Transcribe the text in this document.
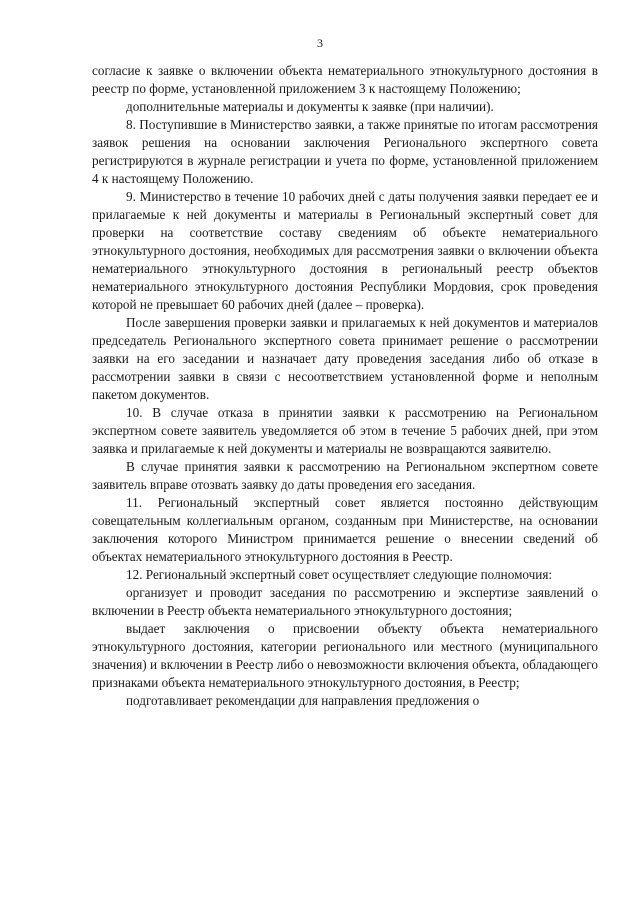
3

согласие к заявке о включении объекта нематериального этнокультурного достояния в реестр по форме, установленной приложением 3 к настоящему Положению;

дополнительные материалы и документы к заявке (при наличии).

8. Поступившие в Министерство заявки, а также принятые по итогам рассмотрения заявок решения на основании заключения Регионального экспертного совета регистрируются в журнале регистрации и учета по форме, установленной приложением 4 к настоящему Положению.

9. Министерство в течение 10 рабочих дней с даты получения заявки передает ее и прилагаемые к ней документы и материалы в Региональный экспертный совет для проверки на соответствие составу сведениям об объекте нематериального этнокультурного достояния, необходимых для рассмотрения заявки о включении объекта нематериального этнокультурного достояния в региональный реестр объектов нематериального этнокультурного достояния Республики Мордовия, срок проведения которой не превышает 60 рабочих дней (далее – проверка).

После завершения проверки заявки и прилагаемых к ней документов и материалов председатель Регионального экспертного совета принимает решение о рассмотрении заявки на его заседании и назначает дату проведения заседания либо об отказе в рассмотрении заявки в связи с несоответствием установленной форме и неполным пакетом документов.

10. В случае отказа в принятии заявки к рассмотрению на Региональном экспертном совете заявитель уведомляется об этом в течение 5 рабочих дней, при этом заявка и прилагаемые к ней документы и материалы не возвращаются заявителю.

В случае принятия заявки к рассмотрению на Региональном экспертном совете заявитель вправе отозвать заявку до даты проведения его заседания.

11. Региональный экспертный совет является постоянно действующим совещательным коллегиальным органом, созданным при Министерстве, на основании заключения которого Министром принимается решение о внесении сведений об объектах нематериального этнокультурного достояния в Реестр.

12. Региональный экспертный совет осуществляет следующие полномочия:

организует и проводит заседания по рассмотрению и экспертизе заявлений о включении в Реестр объекта нематериального этнокультурного достояния;

выдает заключения о присвоении объекту объекта нематериального этнокультурного достояния, категории регионального или местного (муниципального значения) и включении в Реестр либо о невозможности включения объекта, обладающего признаками объекта нематериального этнокультурного достояния, в Реестр;

подготавливает рекомендации для направления предложения о
